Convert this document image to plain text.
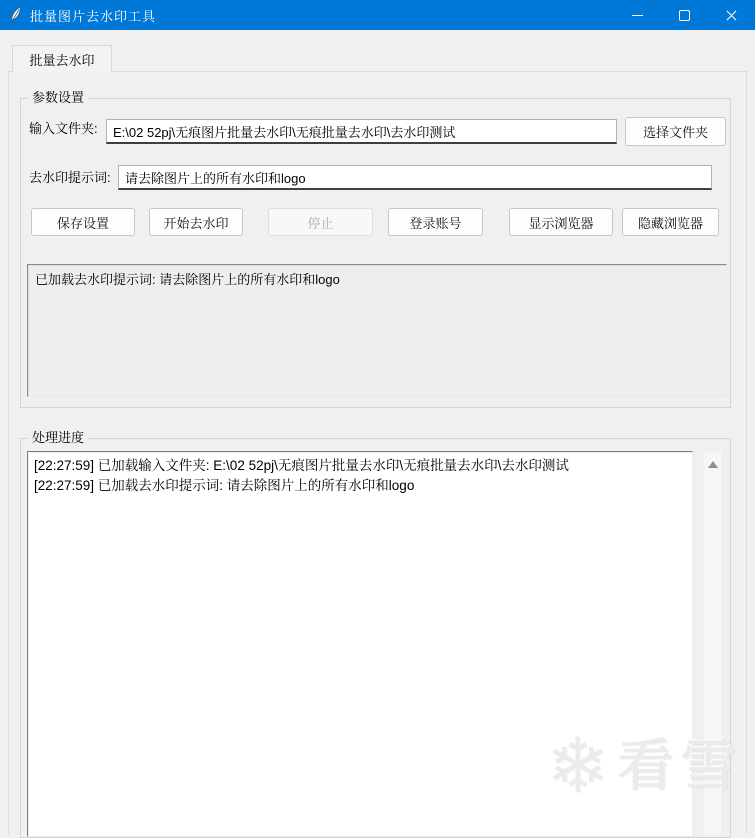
批量图片去水印工具
批量去水印
参数设置
输入文件夹:
E:\02 52pj\无痕图片批量去水印\无痕批量去水印\去水印测试	选择文件夹
去水印提示词:
请去除图片上的所有水印和logo
保存设置	开始去水印	停止	登录账号	显示浏览器	隐藏浏览器
已加载去水印提示词: 请去除图片上的所有水印和logo
处理进度
[22:27:59] 已加载输入文件夹: E:\02 52pj\无痕图片批量去水印\无痕批量去水印\去水印测试
[22:27:59] 已加载去水印提示词: 请去除图片上的所有水印和logo
❄ 看雪
